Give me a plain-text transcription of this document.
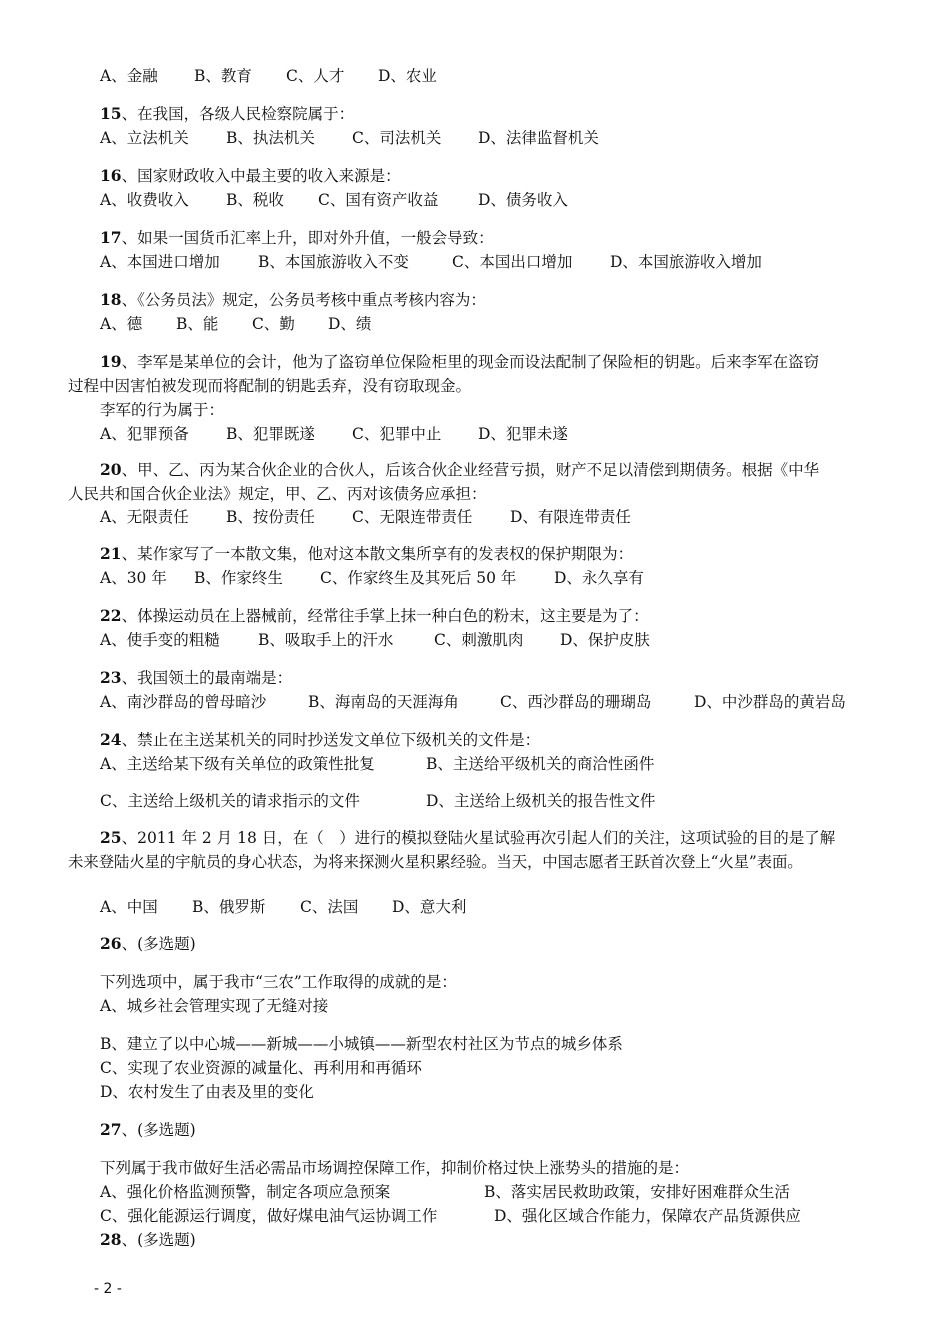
A、金融 B、教育 C、人才 D、农业
15、在我国，各级人民检察院属于：
A、立法机关 B、执法机关 C、司法机关 D、法律监督机关
16、国家财政收入中最主要的收入来源是：
A、收费收入 B、税收 C、国有资产收益	D、债务收入
17、如果一国货币汇率上升，即对外升值，一般会导致：
A、本国进口增加 B、本国旅游收入不变	C、本国出口增加 D、本国旅游收入增加
18、《公务员法》规定，公务员考核中重点考核内容为：
A、德 B、能 C、勤 D、绩
19、李军是某单位的会计，他为了盗窃单位保险柜里的现金而设法配制了保险柜的钥匙。后来李军在盗窃
过程中因害怕被发现而将配制的钥匙丢弃，没有窃取现金。
李军的行为属于：
A、犯罪预备 B、犯罪既遂 C、犯罪中止 D、犯罪未遂
20、甲、乙、丙为某合伙企业的合伙人，后该合伙企业经营亏损，财产不足以清偿到期债务。根据《中华
人民共和国合伙企业法》规定，甲、乙、丙对该债务应承担：
A、无限责任 B、按份责任 C、无限连带责任 D、有限连带责任
21、某作家写了一本散文集，他对这本散文集所享有的发表权的保护期限为：
A、30 年 B、作家终生 C、作家终生及其死后 50 年 D、永久享有
22、体操运动员在上器械前，经常往手掌上抹一种白色的粉末，这主要是为了：
A、使手变的粗糙 B、吸取手上的汗水	C、刺激肌肉 D、保护皮肤
23、我国领土的最南端是：
A、南沙群岛的曾母暗沙	B、海南岛的天涯海角	C、西沙群岛的珊瑚岛	D、中沙群岛的黄岩岛
24、禁止在主送某机关的同时抄送发文单位下级机关的文件是：
A、主送给某下级有关单位的政策性批复	B、主送给平级机关的商洽性函件
C、主送给上级机关的请求指示的文件	D、主送给上级机关的报告性文件
25、2011 年 2 月 18 日，在（　）进行的模拟登陆火星试验再次引起人们的关注，这项试验的目的是了解
未来登陆火星的宇航员的身心状态，为将来探测火星积累经验。当天，中国志愿者王跃首次登上“火星”表面。
A、中国 B、俄罗斯 C、法国 D、意大利
26、(多选题)
下列选项中，属于我市“三农”工作取得的成就的是：
A、城乡社会管理实现了无缝对接
B、建立了以中心城——新城——小城镇——新型农村社区为节点的城乡体系
C、实现了农业资源的减量化、再利用和再循环
D、农村发生了由表及里的变化
27、(多选题)
下列属于我市做好生活必需品市场调控保障工作，抑制价格过快上涨势头的措施的是：
A、强化价格监测预警，制定各项应急预案	B、落实居民救助政策，安排好困难群众生活
C、强化能源运行调度，做好煤电油气运协调工作	D、强化区域合作能力，保障农产品货源供应
28、(多选题)
- 2 -
